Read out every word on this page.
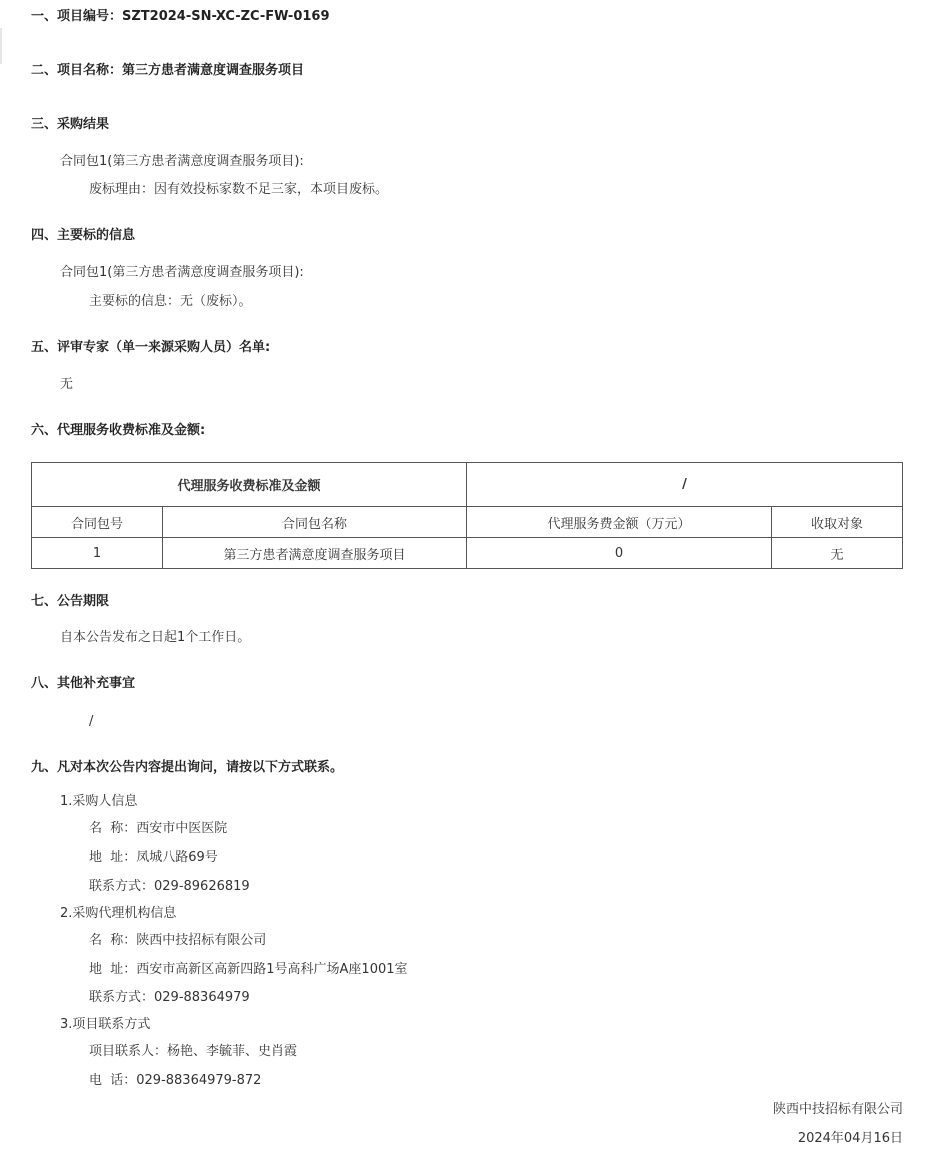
一、项目编号：SZT2024-SN-XC-ZC-FW-0169
二、项目名称：第三方患者满意度调查服务项目
三、采购结果
合同包1(第三方患者满意度调查服务项目):
废标理由：因有效投标家数不足三家，本项目废标。
四、主要标的信息
合同包1(第三方患者满意度调查服务项目):
主要标的信息：无（废标）。
五、评审专家（单一来源采购人员）名单:
无
六、代理服务收费标准及金额:
代理服务收费标准及金额		/	
合同包号	合同包名称	代理服务费金额（万元）	收取对象
1	第三方患者满意度调查服务项目	0	无
七、公告期限
自本公告发布之日起1个工作日。
八、其他补充事宜
/
九、凡对本次公告内容提出询问，请按以下方式联系。
1.采购人信息
名  称：西安市中医医院
地  址：凤城八路69号
联系方式：029-89626819
2.采购代理机构信息
名  称：陕西中技招标有限公司
地  址：西安市高新区高新四路1号高科广场A座1001室
联系方式：029-88364979
3.项目联系方式
项目联系人：杨艳、李毓菲、史肖霞
电  话：029-88364979-872
陕西中技招标有限公司
2024年04月16日
